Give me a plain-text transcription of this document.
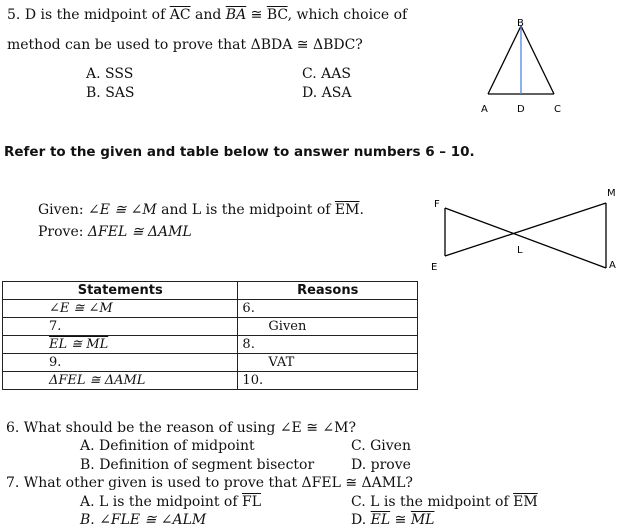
5. D is the midpoint of $\overline{AC}$ and $\overline{BA}$ ≅ $\overline{BC}$, which choice of
method can be used to prove that ΔBDA ≅ ΔBDC?
A. SSS
B. SAS
C. AAS
D. ASA
B
A	D	C
Refer to the given and table below to answer numbers 6 – 10.
Given: ∠E ≅ ∠M and L is the midpoint of $\overline{EM}$.
Prove: ΔFEL ≅ ΔAML
F
M
L
E	A
Statements	Reasons
∠E ≅ ∠M	6.
7.	Given
EL ≅ ML	8.
9.	VAT
ΔFEL ≅ ΔAML	10.
6. What should be the reason of using ∠E ≅ ∠M?
A. Definition of midpoint
B. Definition of segment bisector
C. Given
D. prove
7. What other given is used to prove that ΔFEL ≅ ΔAML?
A. L is the midpoint of $\overline{FL}$
B. ∠FLE ≅ ∠ALM
C. L is the midpoint of $\overline{EM}$
D. $\overline{EL}$ ≅ $\overline{ML}$
